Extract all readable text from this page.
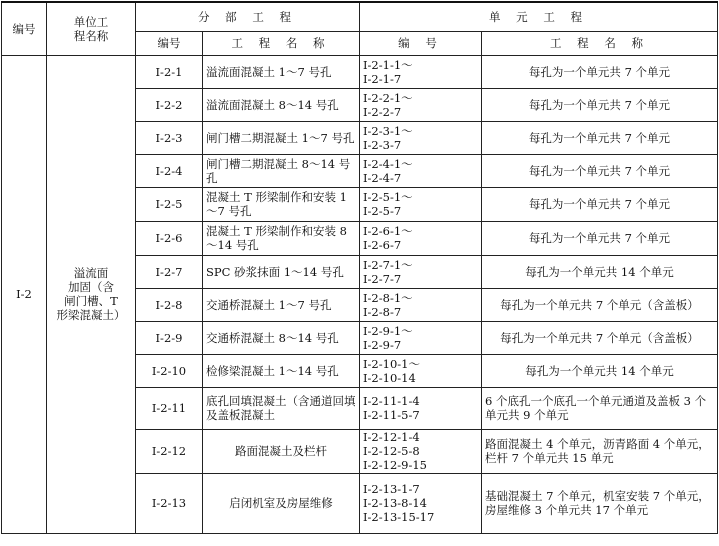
编号	单位工
程名称	分 部 工 程		单 元 工 程	
		编号	工 程 名 称	编 号	工 程 名 称
Ⅰ-2	溢流面
加固（含
闸门槽、T
形梁混凝土）	Ⅰ-2-1	溢流面混凝土 1～7 号孔	Ⅰ-2-1-1～
Ⅰ-2-1-7	每孔为一个单元共 7 个单元
		Ⅰ-2-2	溢流面混凝土 8～14 号孔	Ⅰ-2-2-1～
Ⅰ-2-2-7	每孔为一个单元共 7 个单元
		Ⅰ-2-3	闸门槽二期混凝土 1～7 号孔	Ⅰ-2-3-1～
Ⅰ-2-3-7	每孔为一个单元共 7 个单元
		Ⅰ-2-4	闸门槽二期混凝土 8～14 号孔	Ⅰ-2-4-1～
Ⅰ-2-4-7	每孔为一个单元共 7 个单元
		Ⅰ-2-5	混凝土 T 形梁制作和安装 1～7 号孔	Ⅰ-2-5-1～
Ⅰ-2-5-7	每孔为一个单元共 7 个单元
		Ⅰ-2-6	混凝土 T 形梁制作和安装 8～14 号孔	Ⅰ-2-6-1～
Ⅰ-2-6-7	每孔为一个单元共 7 个单元
		Ⅰ-2-7	SPC 砂浆抹面 1～14 号孔	Ⅰ-2-7-1～
Ⅰ-2-7-7	每孔为一个单元共 14 个单元
		Ⅰ-2-8	交通桥混凝土 1～7 号孔	Ⅰ-2-8-1～
Ⅰ-2-8-7	每孔为一个单元共 7 个单元（含盖板）
		Ⅰ-2-9	交通桥混凝土 8～14 号孔	Ⅰ-2-9-1～
Ⅰ-2-9-7	每孔为一个单元共 7 个单元（含盖板）
		Ⅰ-2-10	检修梁混凝土 1～14 号孔	Ⅰ-2-10-1～
Ⅰ-2-10-14	每孔为一个单元共 14 个单元
		Ⅰ-2-11	底孔回填混凝土（含通道回填及盖板混凝土	Ⅰ-2-11-1-4
Ⅰ-2-11-5-7	6 个底孔一个底孔一个单元通道及盖板 3 个单元共 9 个单元
		Ⅰ-2-12	路面混凝土及栏杆	Ⅰ-2-12-1-4
Ⅰ-2-12-5-8
Ⅰ-2-12-9-15	路面混凝土 4 个单元，沥青路面 4 个单元，栏杆 7 个单元共 15 单元
		Ⅰ-2-13	启闭机室及房屋维修	Ⅰ-2-13-1-7
Ⅰ-2-13-8-14
Ⅰ-2-13-15-17	基础混凝土 7 个单元，机室安装 7 个单元，房屋维修 3 个单元共 17 个单元
